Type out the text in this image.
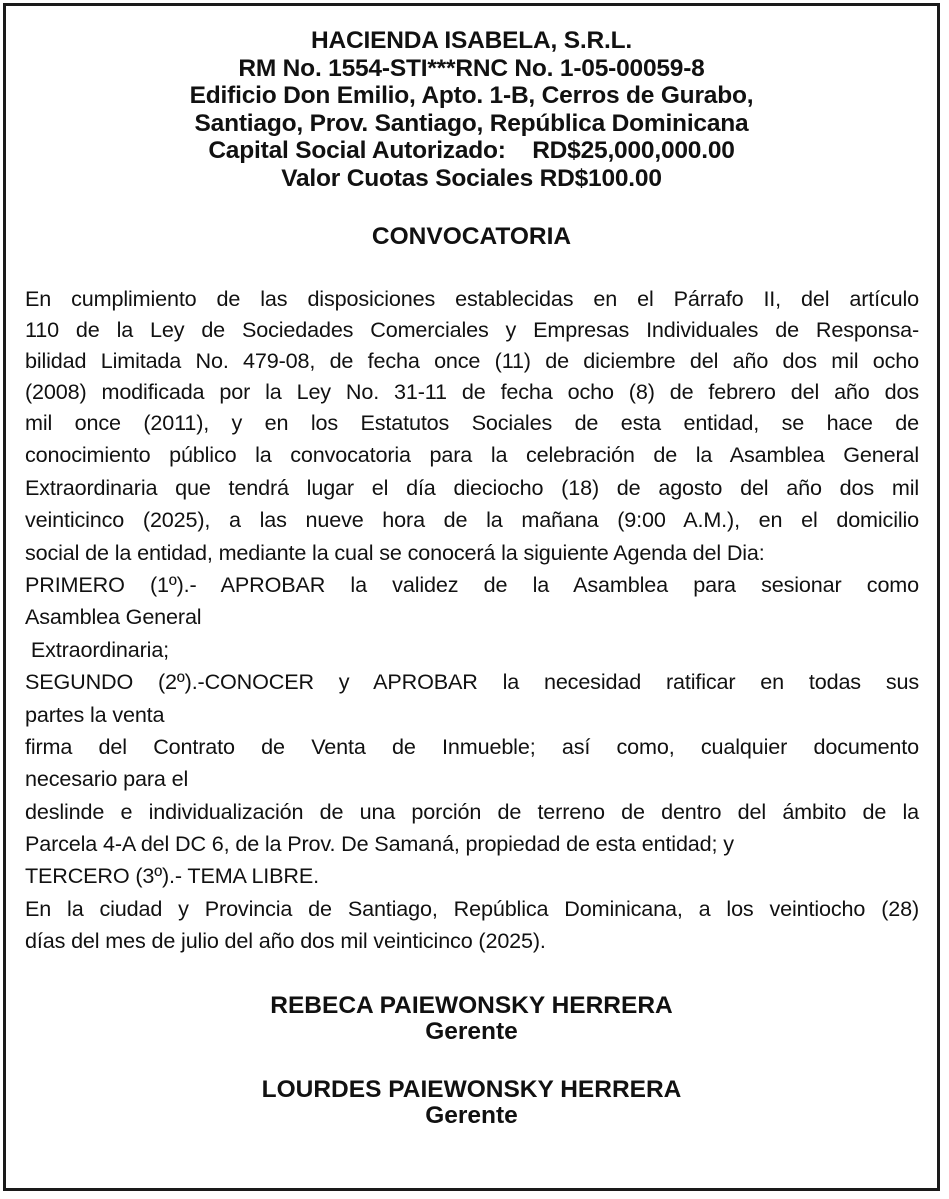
HACIENDA ISABELA, S.R.L.
RM No. 1554-STI***RNC No. 1-05-00059-8
Edificio Don Emilio, Apto. 1-B, Cerros de Gurabo,
Santiago, Prov. Santiago, República Dominicana
Capital Social Autorizado:    RD$25,000,000.00
Valor Cuotas Sociales RD$100.00
CONVOCATORIA
En cumplimiento de las disposiciones establecidas en el Párrafo II, del artículo
110 de la Ley de Sociedades Comerciales y Empresas Individuales de Responsa-
bilidad Limitada No. 479-08, de fecha once (11) de diciembre del año dos mil ocho
(2008) modificada por la Ley No. 31-11 de fecha ocho (8) de febrero del año dos
mil once (2011), y en los Estatutos Sociales de esta entidad, se hace de
conocimiento público la convocatoria para la celebración de la Asamblea General
Extraordinaria que tendrá lugar el día dieciocho (18) de agosto del año dos mil
veinticinco (2025), a las nueve hora de la mañana (9:00 A.M.), en el domicilio
social de la entidad, mediante la cual se conocerá la siguiente Agenda del Dia:
PRIMERO (1º).- APROBAR la validez de la Asamblea para sesionar como
Asamblea General
Extraordinaria;
SEGUNDO (2º).-CONOCER y APROBAR la necesidad ratificar en todas sus
partes la venta
firma del Contrato de Venta de Inmueble; así como, cualquier documento
necesario para el
deslinde e individualización de una porción de terreno de dentro del ámbito de la
Parcela 4-A del DC 6, de la Prov. De Samaná, propiedad de esta entidad; y
TERCERO (3º).- TEMA LIBRE.
En la ciudad y Provincia de Santiago, República Dominicana, a los veintiocho (28)
días del mes de julio del año dos mil veinticinco (2025).
REBECA PAIEWONSKY HERRERA
Gerente
LOURDES PAIEWONSKY HERRERA
Gerente
